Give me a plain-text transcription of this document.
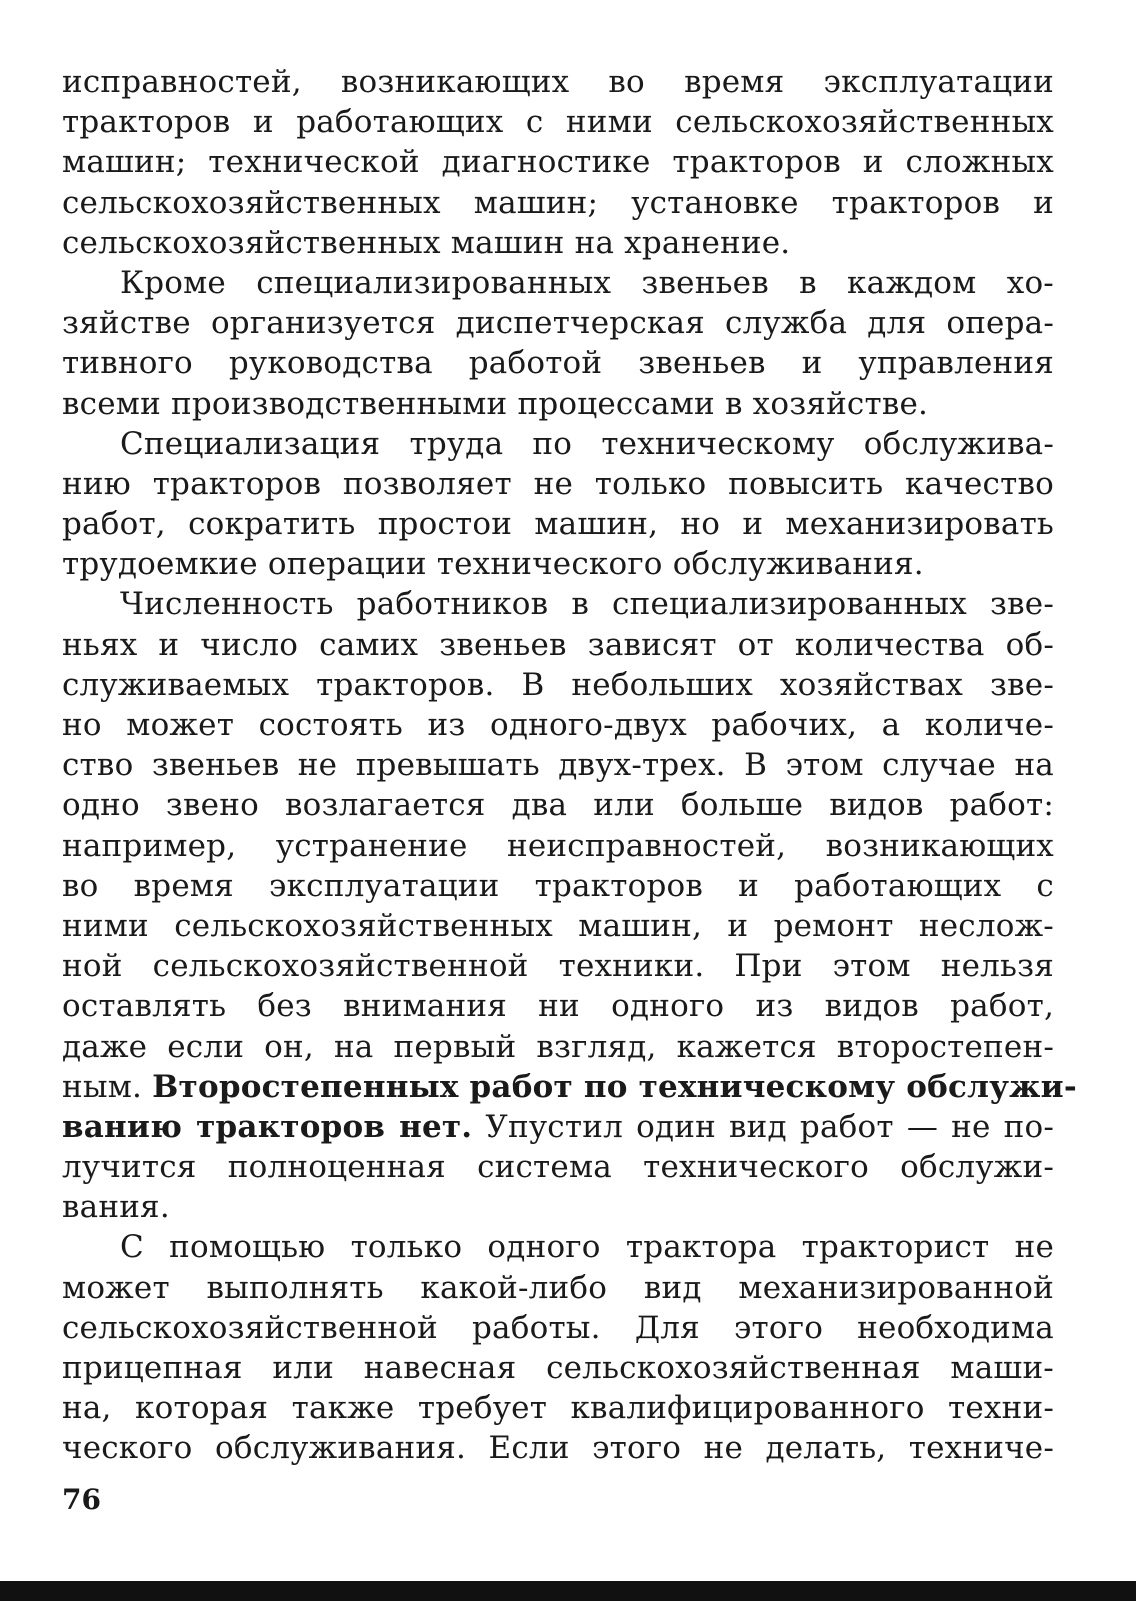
исправностей, возникающих во время эксплуатации
тракторов и работающих с ними сельскохозяйственных
машин; технической диагностике тракторов и сложных
сельскохозяйственных машин; установке тракторов и
сельскохозяйственных машин на хранение.
Кроме специализированных звеньев в каждом хо-
зяйстве организуется диспетчерская служба для опера-
тивного руководства работой звеньев и управления
всеми производственными процессами в хозяйстве.
Специализация труда по техническому обслужива-
нию тракторов позволяет не только повысить качество
работ, сократить простои машин, но и механизировать
трудоемкие операции технического обслуживания.
Численность работников в специализированных зве-
ньях и число самих звеньев зависят от количества об-
служиваемых тракторов. В небольших хозяйствах зве-
но может состоять из одного-двух рабочих, а количе-
ство звеньев не превышать двух-трех. В этом случае на
одно звено возлагается два или больше видов работ:
например, устранение неисправностей, возникающих
во время эксплуатации тракторов и работающих с
ними сельскохозяйственных машин, и ремонт неслож-
ной сельскохозяйственной техники. При этом нельзя
оставлять без внимания ни одного из видов работ,
даже если он, на первый взгляд, кажется второстепен-
ным. Второстепенных работ по техническому обслужи-
ванию тракторов нет. Упустил один вид работ — не по-
лучится полноценная система технического обслужи-
вания.
С помощью только одного трактора тракторист не
может выполнять какой-либо вид механизированной
сельскохозяйственной работы. Для этого необходима
прицепная или навесная сельскохозяйственная маши-
на, которая также требует квалифицированного техни-
ческого обслуживания. Если этого не делать, техниче-
76
